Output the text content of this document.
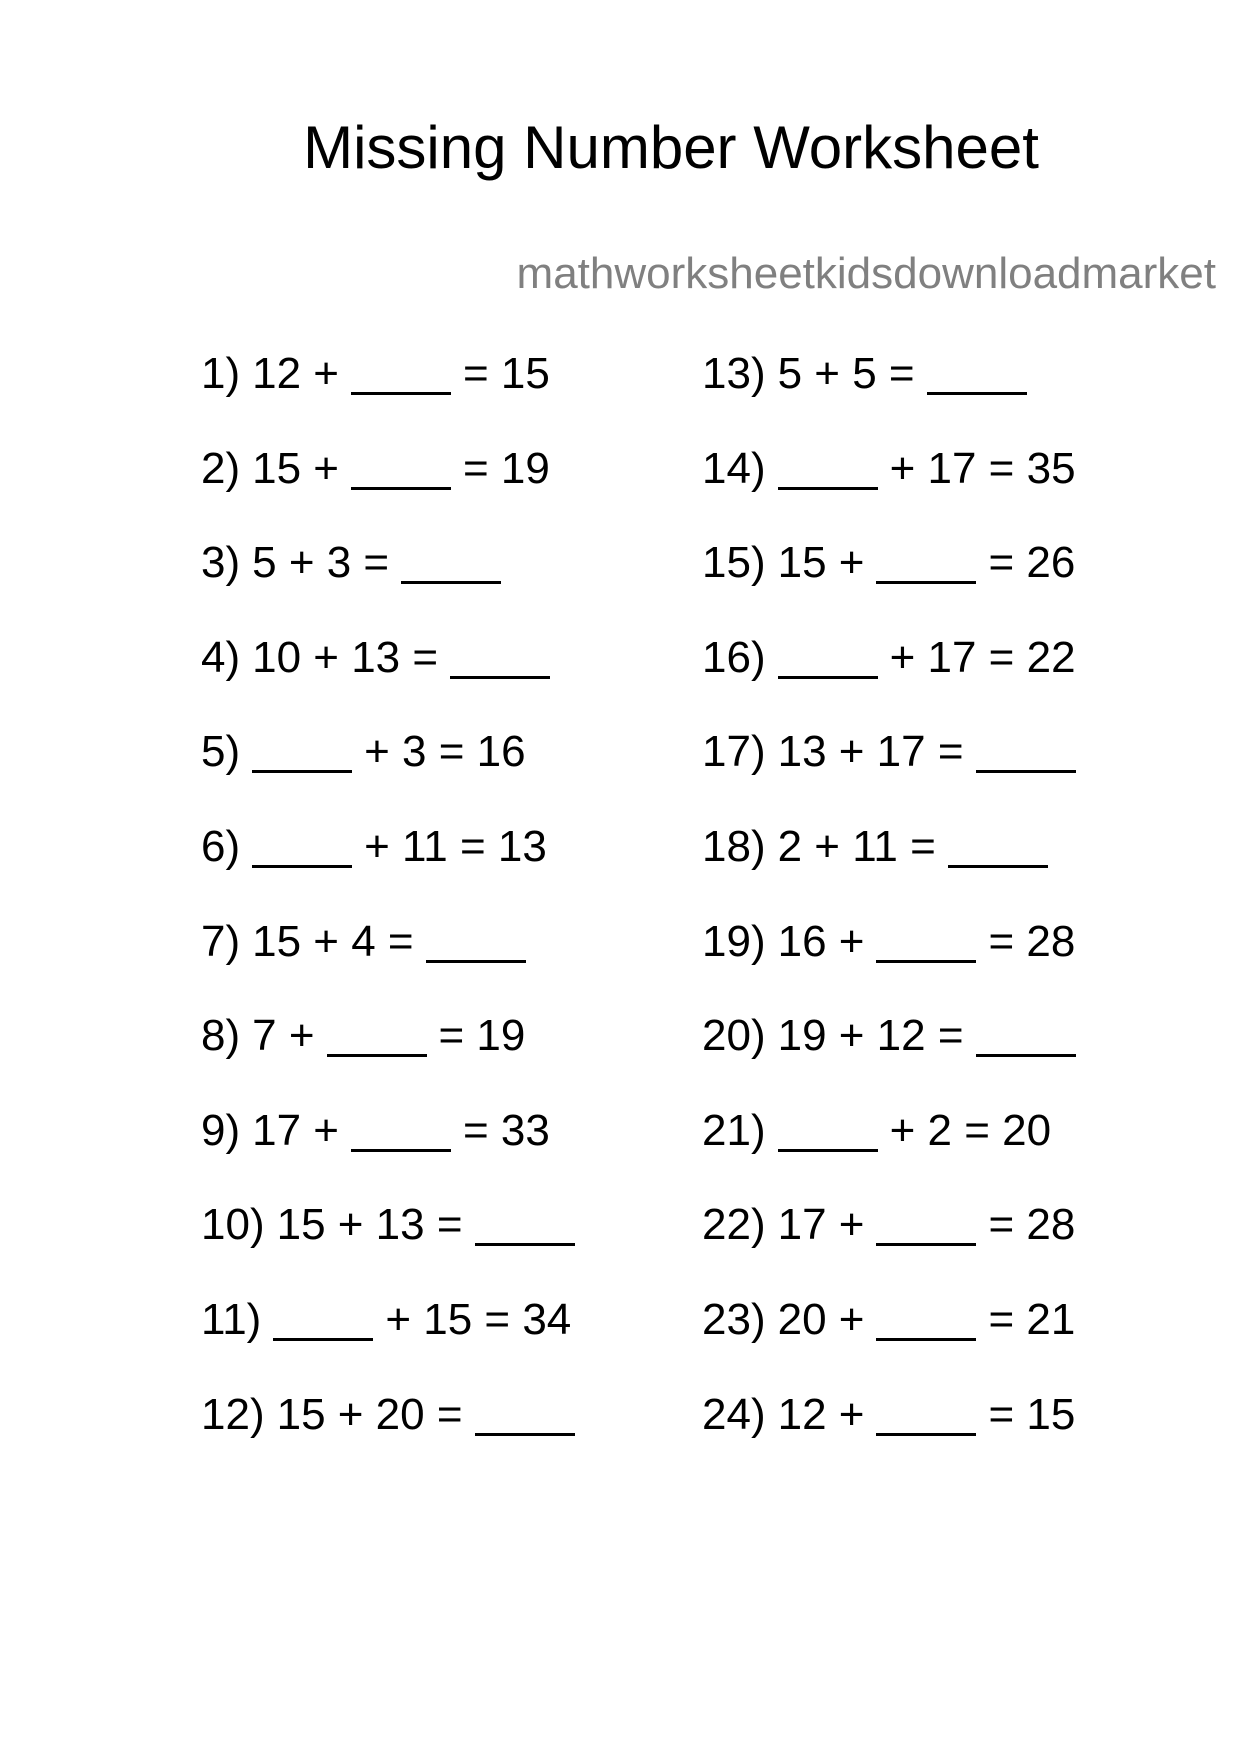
Missing Number Worksheet
mathworksheetkidsdownloadmarket
1) 12 +	= 15
2) 15 +	= 19
3) 5 + 3 =
4) 10 + 13 =
5)	+ 3 = 16
6)	+ 11 = 13
7) 15 + 4 =
8) 7 +	= 19
9) 17 +	= 33
10) 15 + 13 =
11)	+ 15 = 34
12) 15 + 20 =
13) 5 + 5 =
14)	+ 17 = 35
15) 15 +	= 26
16)	+ 17 = 22
17) 13 + 17 =
18) 2 + 11 =
19) 16 +	= 28
20) 19 + 12 =
21)	+ 2 = 20
22) 17 +	= 28
23) 20 +	= 21
24) 12 +	= 15
